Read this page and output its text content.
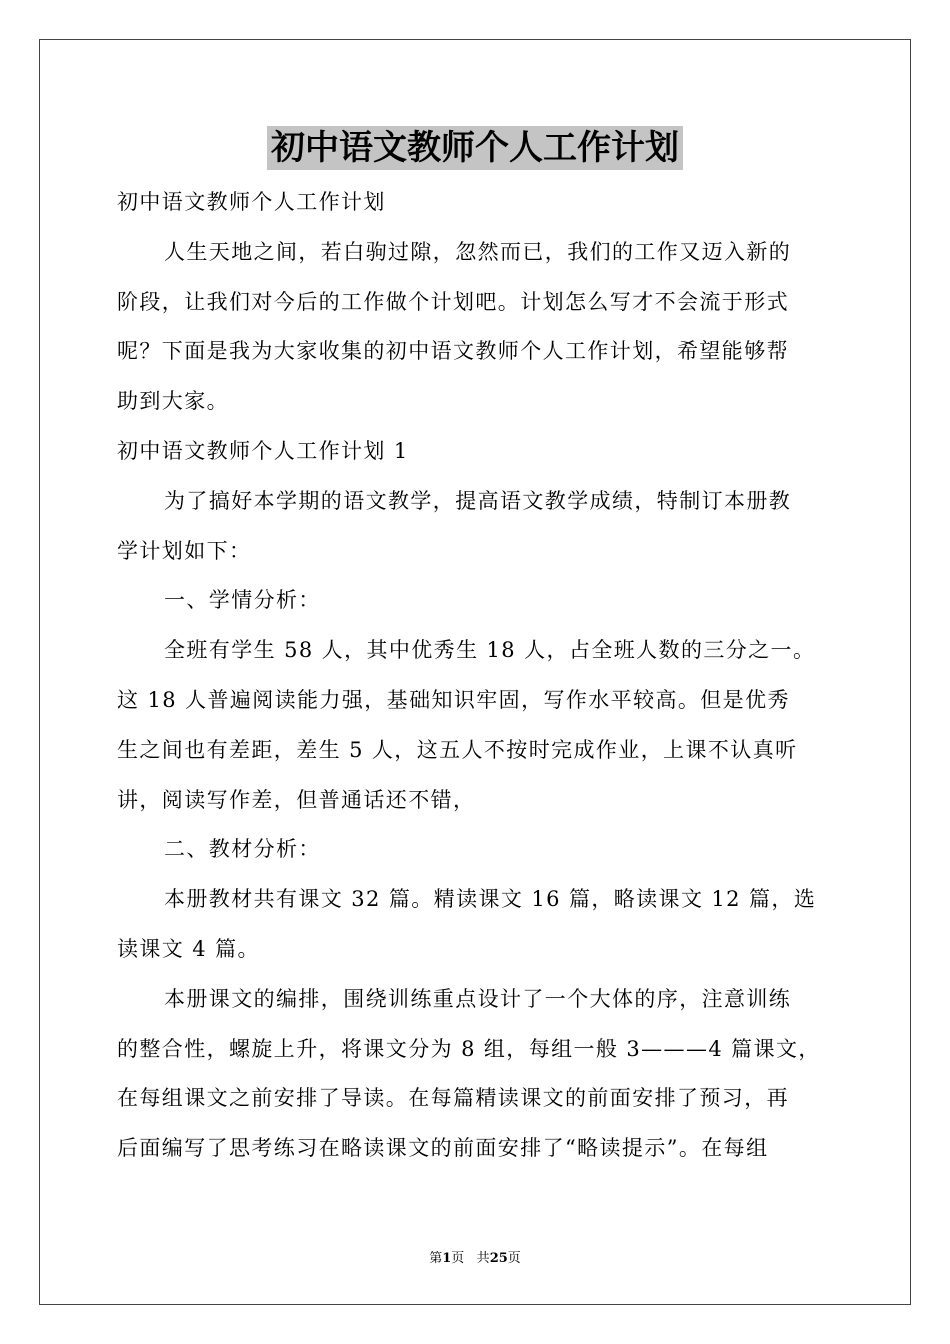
初中语文教师个人工作计划
初中语文教师个人工作计划
人生天地之间，若白驹过隙，忽然而已，我们的工作又迈入新的
阶段，让我们对今后的工作做个计划吧。计划怎么写才不会流于形式
呢？下面是我为大家收集的初中语文教师个人工作计划，希望能够帮
助到大家。
初中语文教师个人工作计划 1
为了搞好本学期的语文教学，提高语文教学成绩，特制订本册教
学计划如下：
一、学情分析：
全班有学生 58 人，其中优秀生 18 人，占全班人数的三分之一。
这 18 人普遍阅读能力强，基础知识牢固，写作水平较高。但是优秀
生之间也有差距，差生 5 人，这五人不按时完成作业，上课不认真听
讲，阅读写作差，但普通话还不错，
二、教材分析：
本册教材共有课文 32 篇。精读课文 16 篇，略读课文 12 篇，选
读课文 4 篇。
本册课文的编排，围绕训练重点设计了一个大体的序，注意训练
的整合性，螺旋上升，将课文分为 8 组，每组一般 3———4 篇课文，
在每组课文之前安排了导读。在每篇精读课文的前面安排了预习，再
后面编写了思考练习在略读课文的前面安排了“略读提示”。在每组
第1页 共25页
